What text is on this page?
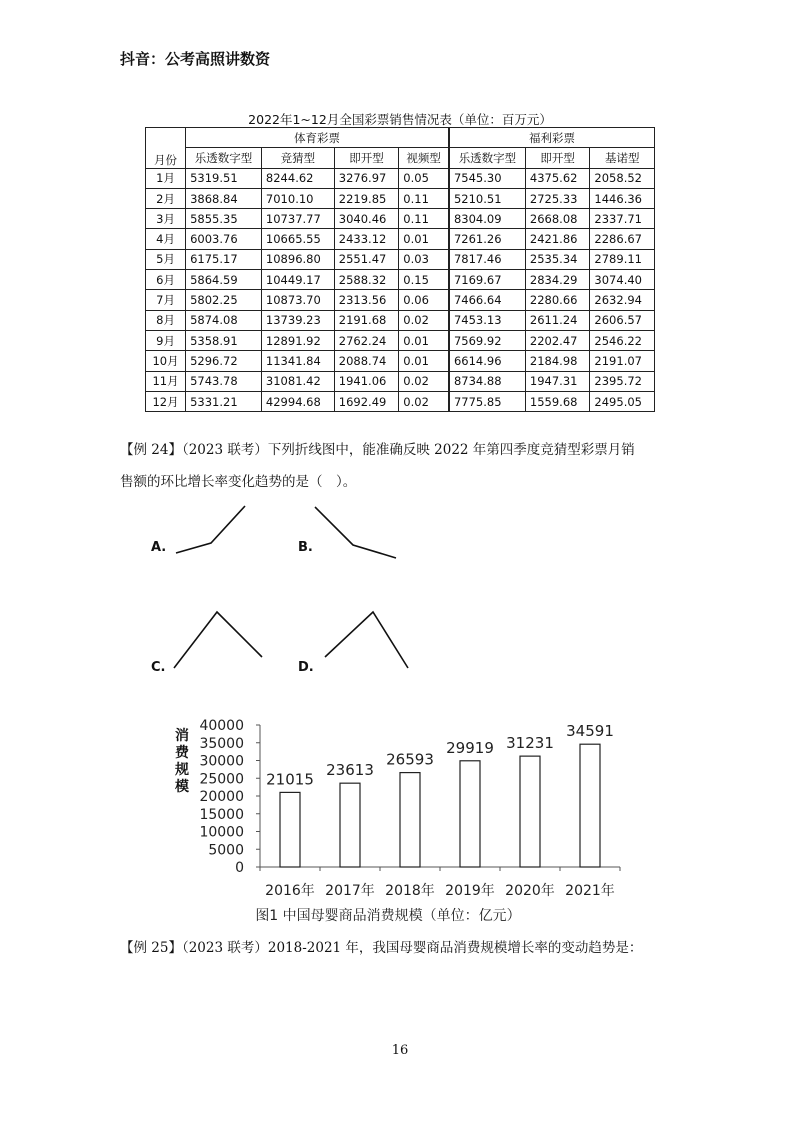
抖音：公考高照讲数资
2022年1~12月全国彩票销售情况表（单位：百万元）
月份	体育彩票				福利彩票		
	乐透数字型	竞猜型	即开型	视频型	乐透数字型	即开型	基诺型
1月	5319.51	8244.62	3276.97	0.05	7545.30	4375.62	2058.52
2月	3868.84	7010.10	2219.85	0.11	5210.51	2725.33	1446.36
3月	5855.35	10737.77	3040.46	0.11	8304.09	2668.08	2337.71
4月	6003.76	10665.55	2433.12	0.01	7261.26	2421.86	2286.67
5月	6175.17	10896.80	2551.47	0.03	7817.46	2535.34	2789.11
6月	5864.59	10449.17	2588.32	0.15	7169.67	2834.29	3074.40
7月	5802.25	10873.70	2313.56	0.06	7466.64	2280.66	2632.94
8月	5874.08	13739.23	2191.68	0.02	7453.13	2611.24	2606.57
9月	5358.91	12891.92	2762.24	0.01	7569.92	2202.47	2546.22
10月	5296.72	11341.84	2088.74	0.01	6614.96	2184.98	2191.07
11月	5743.78	31081.42	1941.06	0.02	8734.88	1947.31	2395.72
12月	5331.21	42994.68	1692.49	0.02	7775.85	1559.68	2495.05
【例 24】（2023 联考）下列折线图中，能准确反映 2022 年第四季度竞猜型彩票月销
售额的环比增长率变化趋势的是（　）。
A.	B.
C.	D.
消
费
规
模
0
5000
10000
15000
20000
25000
30000
35000
40000
21015
2016年
23613
2017年
26593
2018年
29919
2019年
31231
2020年
34591
2021年
图1 中国母婴商品消费规模（单位：亿元）
【例 25】（2023 联考）2018-2021 年，我国母婴商品消费规模增长率的变动趋势是：
16
